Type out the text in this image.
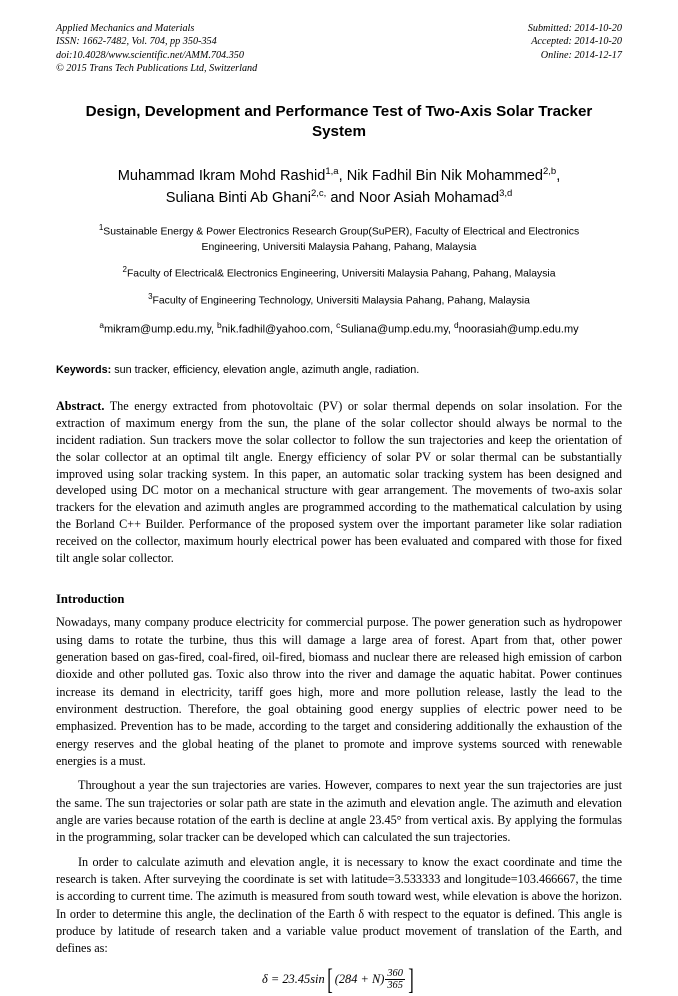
Applied Mechanics and Materials
ISSN: 1662-7482, Vol. 704, pp 350-354
doi:10.4028/www.scientific.net/AMM.704.350
© 2015 Trans Tech Publications Ltd, Switzerland
Submitted: 2014-10-20
Accepted: 2014-10-20
Online: 2014-12-17
Design, Development and Performance Test of Two-Axis Solar Tracker System
Muhammad Ikram Mohd Rashid$^{1,a}$, Nik Fadhil Bin Nik Mohammed$^{2,b}$,
Suliana Binti Ab Ghani$^{2,c,}$ and Noor Asiah Mohamad$^{3,d}$
$^1$Sustainable Energy & Power Electronics Research Group(SuPER), Faculty of Electrical and Electronics Engineering, Universiti Malaysia Pahang, Pahang, Malaysia
$^2$Faculty of Electrical& Electronics Engineering, Universiti Malaysia Pahang, Pahang, Malaysia
$^3$Faculty of Engineering Technology, Universiti Malaysia Pahang, Pahang, Malaysia
$^a$mikram@ump.edu.my, $^b$nik.fadhil@yahoo.com, $^c$Suliana@ump.edu.my, $^d$noorasiah@ump.edu.my
Keywords: sun tracker, efficiency, elevation angle, azimuth angle, radiation.
Abstract. The energy extracted from photovoltaic (PV) or solar thermal depends on solar insolation. For the extraction of maximum energy from the sun, the plane of the solar collector should always be normal to the incident radiation. Sun trackers move the solar collector to follow the sun trajectories and keep the orientation of the solar collector at an optimal tilt angle. Energy efficiency of solar PV or solar thermal can be substantially improved using solar tracking system. In this paper, an automatic solar tracking system has been designed and developed using DC motor on a mechanical structure with gear arrangement. The movements of two-axis solar trackers for the elevation and azimuth angles are programmed according to the mathematical calculation by using the Borland C++ Builder. Performance of the proposed system over the important parameter like solar radiation received on the collector, maximum hourly electrical power has been evaluated and compared with those for fixed tilt angle solar collector.
Introduction
Nowadays, many company produce electricity for commercial purpose. The power generation such as hydropower using dams to rotate the turbine, thus this will damage a large area of forest. Apart from that, other power generation based on gas-fired, coal-fired, oil-fired, biomass and nuclear there are released high emission of carbon dioxide and other polluted gas. Toxic also throw into the river and damage the aquatic habitat. Power continues increase its demand in electricity, tariff goes high, more and more pollution release, lastly the lead to the environment destruction. Therefore, the goal obtaining good energy supplies of electric power need to be emphasized. Prevention has to be made, according to the target and considering additionally the exhaustion of the energy reserves and the global heating of the planet to promote and improve systems sourced with renewable energies is a must.
Throughout a year the sun trajectories are varies. However, compares to next year the sun trajectories are just the same. The sun trajectories or solar path are state in the azimuth and elevation angle. The azimuth and elevation angle are varies because rotation of the earth is decline at angle 23.45° from vertical axis. By applying the formulas in the programming, solar tracker can be developed which can calculated the sun trajectories.
In order to calculate azimuth and elevation angle, it is necessary to know the exact coordinate and time the research is taken. After surveying the coordinate is set with latitude=3.533333 and longitude=103.466667, the time is according to current time. The azimuth is measured from south toward west, while elevation is above the horizon. In order to determine this angle, the declination of the Earth δ with respect to the equator is defined. This angle is produce by latitude of research taken and a variable value product movement of translation of the Earth, and defines as:
δ = 23.45sin [ $(284 + N) \frac{360}{365}$ ]
